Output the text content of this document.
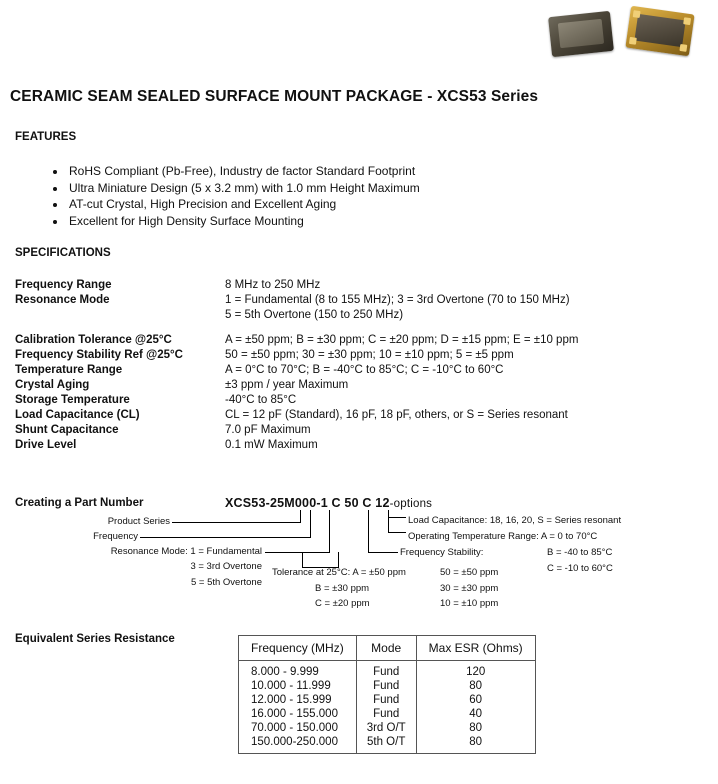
CERAMIC SEAM SEALED SURFACE MOUNT PACKAGE - XCS53 Series
FEATURES
• RoHS Compliant (Pb-Free), Industry de factor Standard Footprint
• Ultra Miniature Design (5 x 3.2 mm) with 1.0 mm Height Maximum
• AT-cut Crystal, High Precision and Excellent Aging
• Excellent for High Density Surface Mounting
SPECIFICATIONS
Frequency Range	8 MHz to 250 MHz
Resonance Mode	1 = Fundamental (8 to 155 MHz); 3 = 3rd Overtone (70 to 150 MHz)
5 = 5th Overtone (150 to 250 MHz)
Calibration Tolerance @25°C	A = ±50 ppm; B = ±30 ppm; C = ±20 ppm; D = ±15 ppm; E = ±10 ppm
Frequency Stability Ref @25°C	50 = ±50 ppm; 30 = ±30 ppm; 10 = ±10 ppm; 5 = ±5 ppm
Temperature Range	A = 0°C to 70°C; B = -40°C to 85°C; C = -10°C to 60°C
Crystal Aging	±3 ppm / year Maximum
Storage Temperature	-40°C to 85°C
Load Capacitance (CL)	CL = 12 pF (Standard), 16 pF, 18 pF, others, or S = Series resonant
Shunt Capacitance	7.0 pF Maximum
Drive Level	0.1 mW Maximum
Creating a Part Number	XCS53-25M000-1 C 50 C 12-options
Product Series
Frequency
Resonance Mode: 1 = Fundamental
3 = 3rd Overtone
5 = 5th Overtone
Tolerance at 25°C: A = ±50 ppm
B = ±30 ppm
C = ±20 ppm
Frequency Stability:
50 = ±50 ppm
30 = ±30 ppm
10 = ±10 ppm
Operating Temperature Range: A = 0 to 70°C
B = -40 to 85°C
C = -10 to 60°C
Load Capacitance: 18, 16, 20, S = Series resonant
Equivalent Series Resistance
Frequency (MHz)	Mode	Max ESR (Ohms)
8.000 - 9.999	Fund	120
10.000 - 11.999	Fund	80
12.000 - 15.999	Fund	60
16.000 - 155.000	Fund	40
70.000 - 150.000	3rd O/T	80
150.000-250.000	5th O/T	80
